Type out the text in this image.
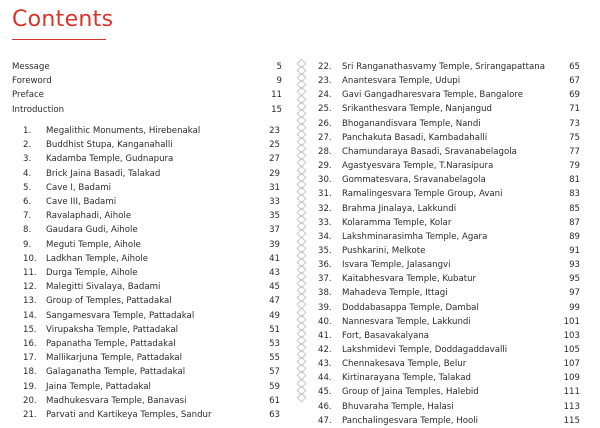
Contents
Message	5
Foreword	9
Preface	11
Introduction	15
1. Megalithic Monuments, Hirebenakal	23
2. Buddhist Stupa, Kanganahalli	25
3. Kadamba Temple, Gudnapura	27
4. Brick Jaina Basadi, Talakad	29
5. Cave I, Badami	31
6. Cave III, Badami	33
7. Ravalaphadi, Aihole	35
8. Gaudara Gudi, Aihole	37
9. Meguti Temple, Aihole	39
10. Ladkhan Temple, Aihole	41
11. Durga Temple, Aihole	43
12. Malegitti Sivalaya, Badami	45
13. Group of Temples, Pattadakal	47
14. Sangamesvara Temple, Pattadakal	49
15. Virupaksha Temple, Pattadakal	51
16. Papanatha Temple, Pattadakal	53
17. Mallikarjuna Temple, Pattadakal	55
18. Galaganatha Temple, Pattadakal	57
19. Jaina Temple, Pattadakal	59
20. Madhukesvara Temple, Banavasi	61
21. Parvati and Kartikeya Temples, Sandur	63
22. Sri Ranganathasvamy Temple, Srirangapattana	65
23. Anantesvara Temple, Udupi	67
24. Gavi Gangadharesvara Temple, Bangalore	69
25. Srikanthesvara Temple, Nanjangud	71
26. Bhoganandisvara Temple, Nandi	73
27. Panchakuta Basadi, Kambadahalli	75
28. Chamundaraya Basadi, Sravanabelagola	77
29. Agastyesvara Temple, T.Narasipura	79
30. Gommatesvara, Sravanabelagola	81
31. Ramalingesvara Temple Group, Avani	83
32. Brahma Jinalaya, Lakkundi	85
33. Kolaramma Temple, Kolar	87
34. Lakshminarasimha Temple, Agara	89
35. Pushkarini, Melkote	91
36. Isvara Temple, Jalasangvi	93
37. Kaitabhesvara Temple, Kubatur	95
38. Mahadeva Temple, Ittagi	97
39. Doddabasappa Temple, Dambal	99
40. Nannesvara Temple, Lakkundi	101
41. Fort, Basavakalyana	103
42. Lakshmidevi Temple, Doddagaddavalli	105
43. Chennakesava Temple, Belur	107
44. Kirtinarayana Temple, Talakad	109
45. Group of Jaina Temples, Halebid	111
46. Bhuvaraha Temple, Halasi	113
47. Panchalingesvara Temple, Hooli	115
